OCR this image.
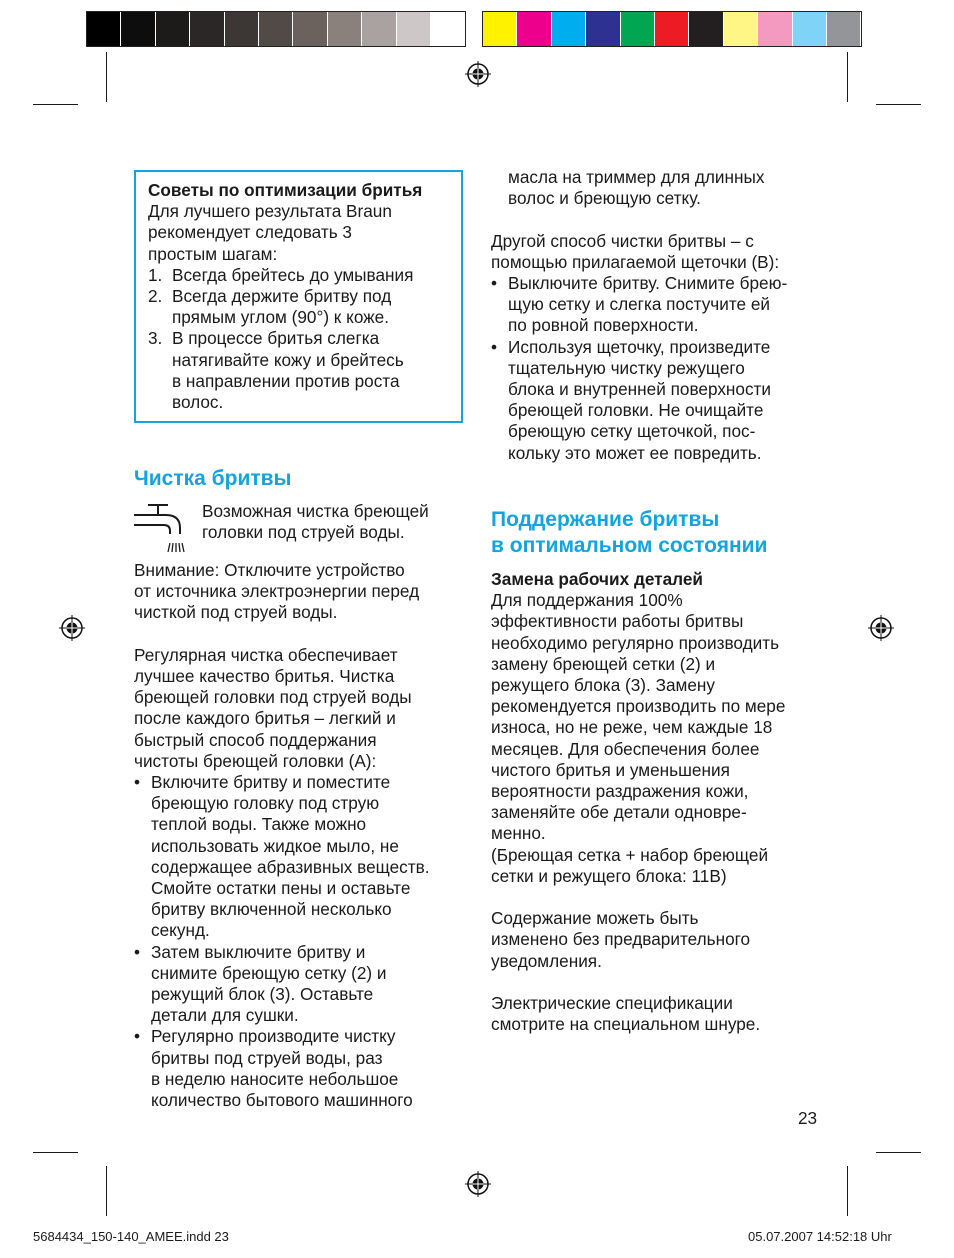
Советы по оптимизации бритья

Для лучшего результата Braun

рекомендует следовать 3

простым шагам:

1. Всегда брейтесь до умывания
2. Всегда держите бритву под
прямым углом (90°) к коже.
3. В процессе бритья слегка
натягивайте кожу и брейтесь
в направлении против роста
волос.
Чистка бритвы

Возможная чистка бреющей

головки под струей воды.

Внимание: Отключите устройство

от источника электроэнергии перед

чисткой под струей воды.

Регулярная чистка обеспечивает

лучшее качество бритья. Чистка

бреющей головки под струей воды

после каждого бритья – легкий и

быстрый способ поддержания

чистоты бреющей головки (A):

• Включите бритву и поместите
бреющую головку под струю
теплой воды. Также можно
использовать жидкое мыло, не
содержащее абразивных веществ.
Смойте остатки пены и оставьте
бритву включенной несколько
секунд.
• Затем выключите бритву и
снимите бреющую сетку (2) и
режущий блок (3). Оставьте
детали для сушки.
• Регулярно производите чистку
бритвы под струей воды, раз
в неделю наносите небольшое
количество бытового машинного
масла на триммер для длинных
волос и бреющую сетку.

Другой способ чистки бритвы – с

помощью прилагаемой щеточки (B):

• Выключите бритву. Снимите брею-
щую сетку и слегка постучите ей
по ровной поверхности.
• Используя щеточку, произведите
тщательную чистку режущего
блока и внутренней поверхности
бреющей головки. Не очищайте
бреющую сетку щеточкой, пос-
кольку это может ее повредить.

Поддержание бритвы

в оптимальном состоянии

Замена рабочих деталей

Для поддержания 100%

эффективности работы бритвы

необходимо регулярно производить

замену бреющей сетки (2) и

режущего блока (3). Замену

рекомендуется производить по мере

износа, но не реже, чем каждые 18

месяцев. Для обеспечения более

чистого бритья и уменьшения

вероятности раздражения кожи,

заменяйте обе детали одновре-

менно.

(Бреющая сетка + набор бреющей

сетки и режущего блока: 11B)

Содержание можеть быть

изменено без предварительного

уведомления.

Электрические спецификации

смотрите на специальном шнуре.

23
5684434_150-140_AMEE.indd 23	05.07.2007 14:52:18 Uhr
